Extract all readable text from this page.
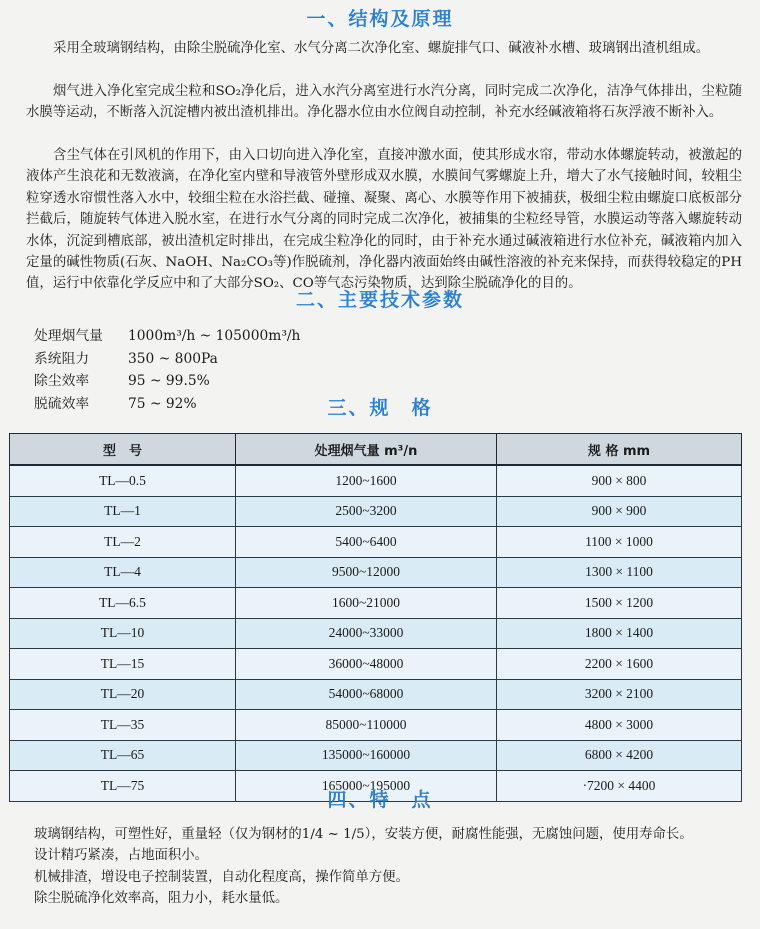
一、结构及原理

采用全玻璃钢结构，由除尘脱硫净化室、水气分离二次净化室、螺旋排气口、碱液补水槽、玻璃钢出渣机组成。

烟气进入净化室完成尘粒和SO₂净化后，进入水汽分离室进行水汽分离，同时完成二次净化，洁净气体排出，尘粒随水膜等运动，不断落入沉淀槽内被出渣机排出。净化器水位由水位阀自动控制，补充水经碱液箱将石灰浮液不断补入。

含尘气体在引风机的作用下，由入口切向进入净化室，直接冲激水面，使其形成水帘，带动水体螺旋转动，被激起的液体产生浪花和无数液滴，在净化室内壁和导液管外壁形成双水膜，水膜间气雾螺旋上升，增大了水气接触时间，较粗尘粒穿透水帘惯性落入水中，较细尘粒在水浴拦截、碰撞、凝聚、离心、水膜等作用下被捕获，极细尘粒由螺旋口底板部分拦截后，随旋转气体进入脱水室，在进行水气分离的同时完成二次净化，被捕集的尘粒经导管，水膜运动等落入螺旋转动水体，沉淀到槽底部，被出渣机定时排出，在完成尘粒净化的同时，由于补充水通过碱液箱进行水位补充，碱液箱内加入定量的碱性物质(石灰、NaOH、Na₂CO₃等)作脱硫剂，净化器内液面始终由碱性溶液的补充来保持，而获得较稳定的PH值，运行中依靠化学反应中和了大部分SO₂、CO等气态污染物质，达到除尘脱硫净化的目的。

二、主要技术参数
处理烟气量 1000m³/h ~ 105000m³/h
系统阻力	350 ~ 800Pa
除尘效率	95 ~ 99.5%
脱硫效率	75 ~ 92%	三、规　格
型　号	处理烟气量 m³/n	规 格 mm
TL—0.5	1200~1600	900 × 800
TL—1	2500~3200	900 × 900
TL—2	5400~6400	1100 × 1000
TL—4	9500~12000	1300 × 1100
TL—6.5	1600~21000	1500 × 1200
TL—10	24000~33000	1800 × 1400
TL—15	36000~48000	2200 × 1600
TL—20	54000~68000	3200 × 2100
TL—35	85000~110000	4800 × 3000
TL—65	135000~160000	6800 × 4200
TL—75	165000~195000	·7200 × 4400
四、特　点

玻璃钢结构，可塑性好，重量轻（仅为钢材的1/4 ~ 1/5），安装方便，耐腐性能强，无腐蚀问题，使用寿命长。

设计精巧紧凑，占地面积小。

机械排渣，增设电子控制装置，自动化程度高，操作简单方便。

除尘脱硫净化效率高，阻力小，耗水量低。
